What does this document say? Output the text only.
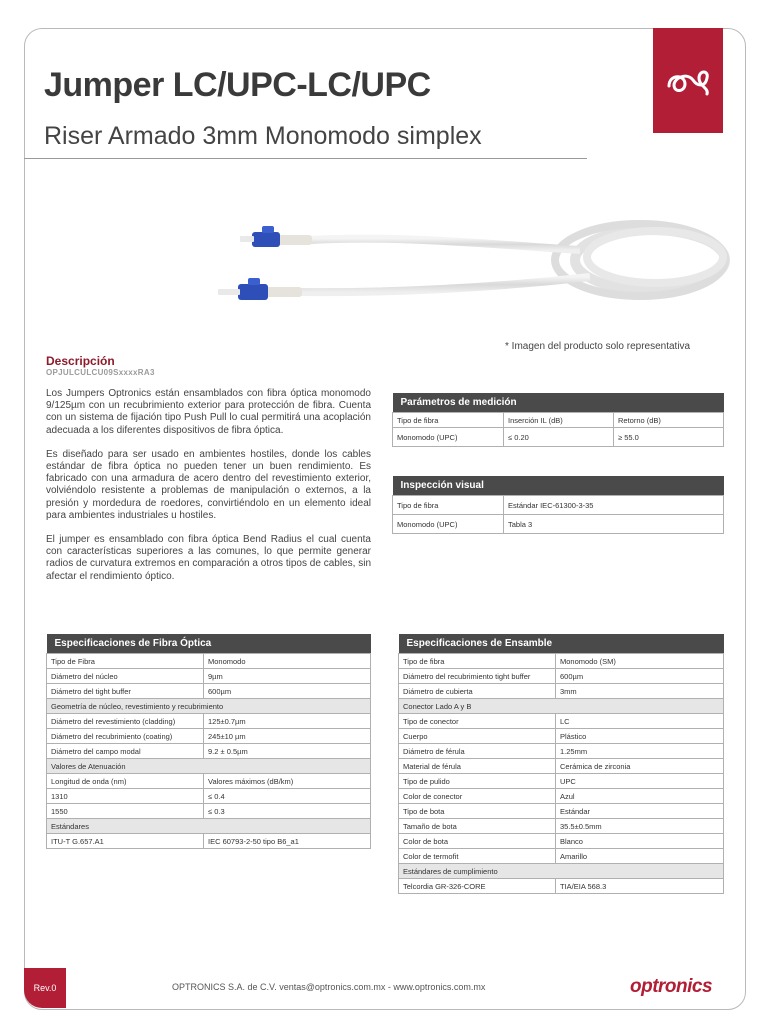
Jumper LC/UPC-LC/UPC
Riser Armado 3mm Monomodo simplex
* Imagen del producto solo representativa
Descripción
OPJULCULCU09SxxxxRA3

Los Jumpers Optronics están ensamblados con fibra óptica monomodo 9/125µm con un recubrimiento exterior para protección de fibra. Cuenta con un sistema de fijación tipo Push Pull lo cual permitirá una acoplación adecuada a los diferentes dispositivos de fibra óptica.

Es diseñado para ser usado en ambientes hostiles, donde los cables estándar de fibra óptica no pueden tener un buen rendimiento. Es fabricado con una armadura de acero dentro del revestimiento exterior, volviéndolo resistente a problemas de manipulación o externos, a la presión y mordedura de roedores, convirtiéndolo en un elemento ideal para ambientes industriales u hostiles.

El jumper es ensamblado con fibra óptica Bend Radius el cual cuenta con características superiores a las comunes, lo que permite generar radios de curvatura extremos en comparación a otros tipos de cables, sin afectar el rendimiento óptico.

Parámetros de medición		
Tipo de fibra	Inserción IL (dB)	Retorno (dB)
Monomodo (UPC)	≤ 0.20	≥ 55.0
Inspección visual	
Tipo de fibra	Estándar IEC-61300-3-35
Monomodo (UPC)	Tabla 3
Especificaciones de Fibra Óptica	
Tipo de Fibra	Monomodo
Diámetro del núcleo	9µm
Diámetro del tight buffer	600µm
Geometría de núcleo, revestimiento y recubrimiento	
Diámetro del revestimiento (cladding)	125±0.7µm
Diámetro del recubrimiento (coating)	245±10 µm
Diámetro del campo modal	9.2 ± 0.5µm
Valores de Atenuación	
Longitud de onda (nm)	Valores máximos (dB/km)
1310	≤ 0.4
1550	≤ 0.3
Estándares	
ITU-T G.657.A1	IEC 60793-2-50 tipo B6_a1
Especificaciones de Ensamble	
Tipo de fibra	Monomodo (SM)
Diámetro del recubrimiento tight buffer	600µm
Diámetro de cubierta	3mm
Conector Lado A y B	
Tipo de conector	LC
Cuerpo	Plástico
Diámetro de férula	1.25mm
Material de férula	Cerámica de zirconia
Tipo de pulido	UPC
Color de conector	Azul
Tipo de bota	Estándar
Tamaño de bota	35.5±0.5mm
Color de bota	Blanco
Color de termofit	Amarillo
Estándares de cumplimiento	
Telcordia GR-326-CORE	TIA/EIA 568.3
Rev.0	OPTRONICS S.A. de C.V. ventas@optronics.com.mx - www.optronics.com.mx	optronics
